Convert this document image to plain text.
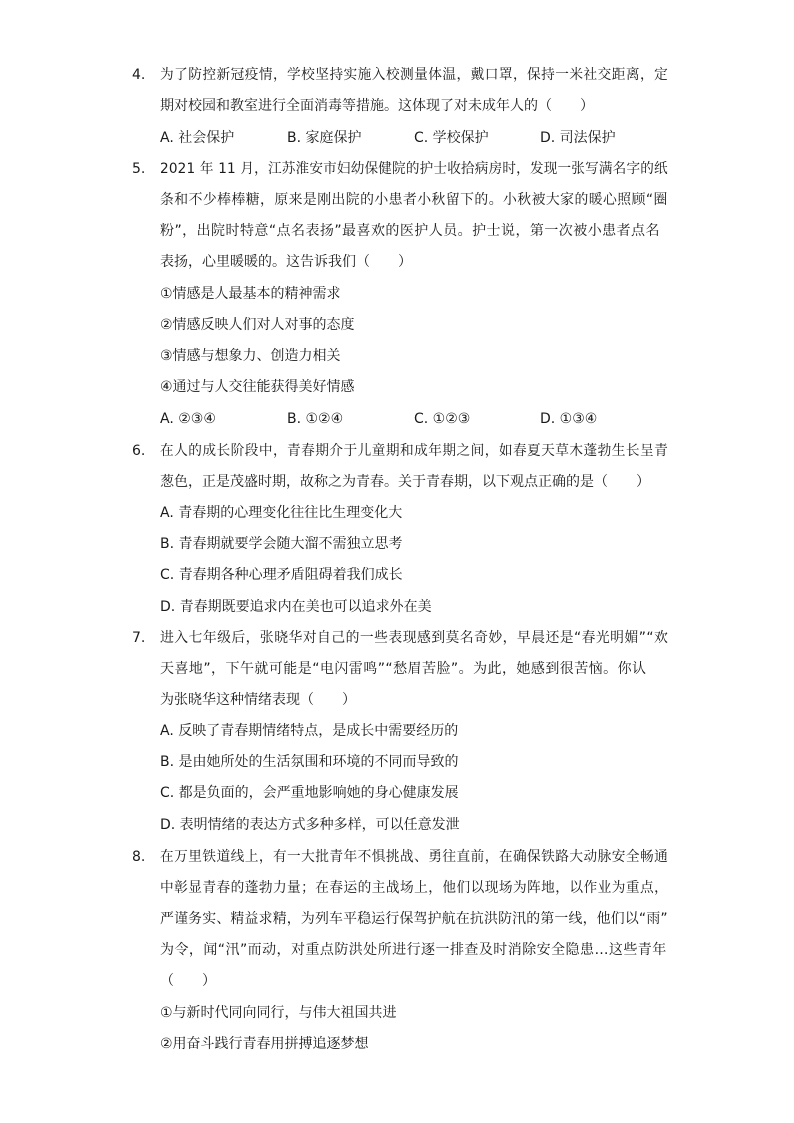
4.	为了防控新冠疫情，学校坚持实施入校测量体温，戴口罩，保持一米社交距离，定
期对校园和教室进行全面消毒等措施。这体现了对未成年人的（　　）
A. 社会保护	B. 家庭保护	C. 学校保护	D. 司法保护
5.	2021 年 11 月，江苏淮安市妇幼保健院的护士收拾病房时，发现一张写满名字的纸
条和不少棒棒糖，原来是刚出院的小患者小秋留下的。小秋被大家的暖心照顾“圈
粉”，出院时特意“点名表扬”最喜欢的医护人员。护士说，第一次被小患者点名
表扬，心里暖暖的。这告诉我们（　　）
①情感是人最基本的精神需求
②情感反映人们对人对事的态度
③情感与想象力、创造力相关
④通过与人交往能获得美好情感
A. ②③④	B. ①②④	C. ①②③	D. ①③④
6.	在人的成长阶段中，青春期介于儿童期和成年期之间，如春夏天草木蓬勃生长呈青
葱色，正是茂盛时期，故称之为青春。关于青春期，以下观点正确的是（　　）
A. 青春期的心理变化往往比生理变化大
B. 青春期就要学会随大溜不需独立思考
C. 青春期各种心理矛盾阻碍着我们成长
D. 青春期既要追求内在美也可以追求外在美
7.	进入七年级后，张晓华对自己的一些表现感到莫名奇妙，早晨还是“春光明媚”“欢
天喜地”，下午就可能是“电闪雷鸣”“愁眉苦脸”。为此，她感到很苦恼。你认
为张晓华这种情绪表现（　　）
A. 反映了青春期情绪特点，是成长中需要经历的
B. 是由她所处的生活氛围和环境的不同而导致的
C. 都是负面的，会严重地影响她的身心健康发展
D. 表明情绪的表达方式多种多样，可以任意发泄
8.	在万里铁道线上，有一大批青年不惧挑战、勇往直前，在确保铁路大动脉安全畅通
中彰显青春的蓬勃力量；在春运的主战场上，他们以现场为阵地，以作业为重点，
严谨务实、精益求精，为列车平稳运行保驾护航在抗洪防汛的第一线，他们以“雨”
为令，闻“汛”而动，对重点防洪处所进行逐一排查及时消除安全隐患…这些青年
（　　）
①与新时代同向同行，与伟大祖国共进
②用奋斗践行青春用拼搏追逐梦想
